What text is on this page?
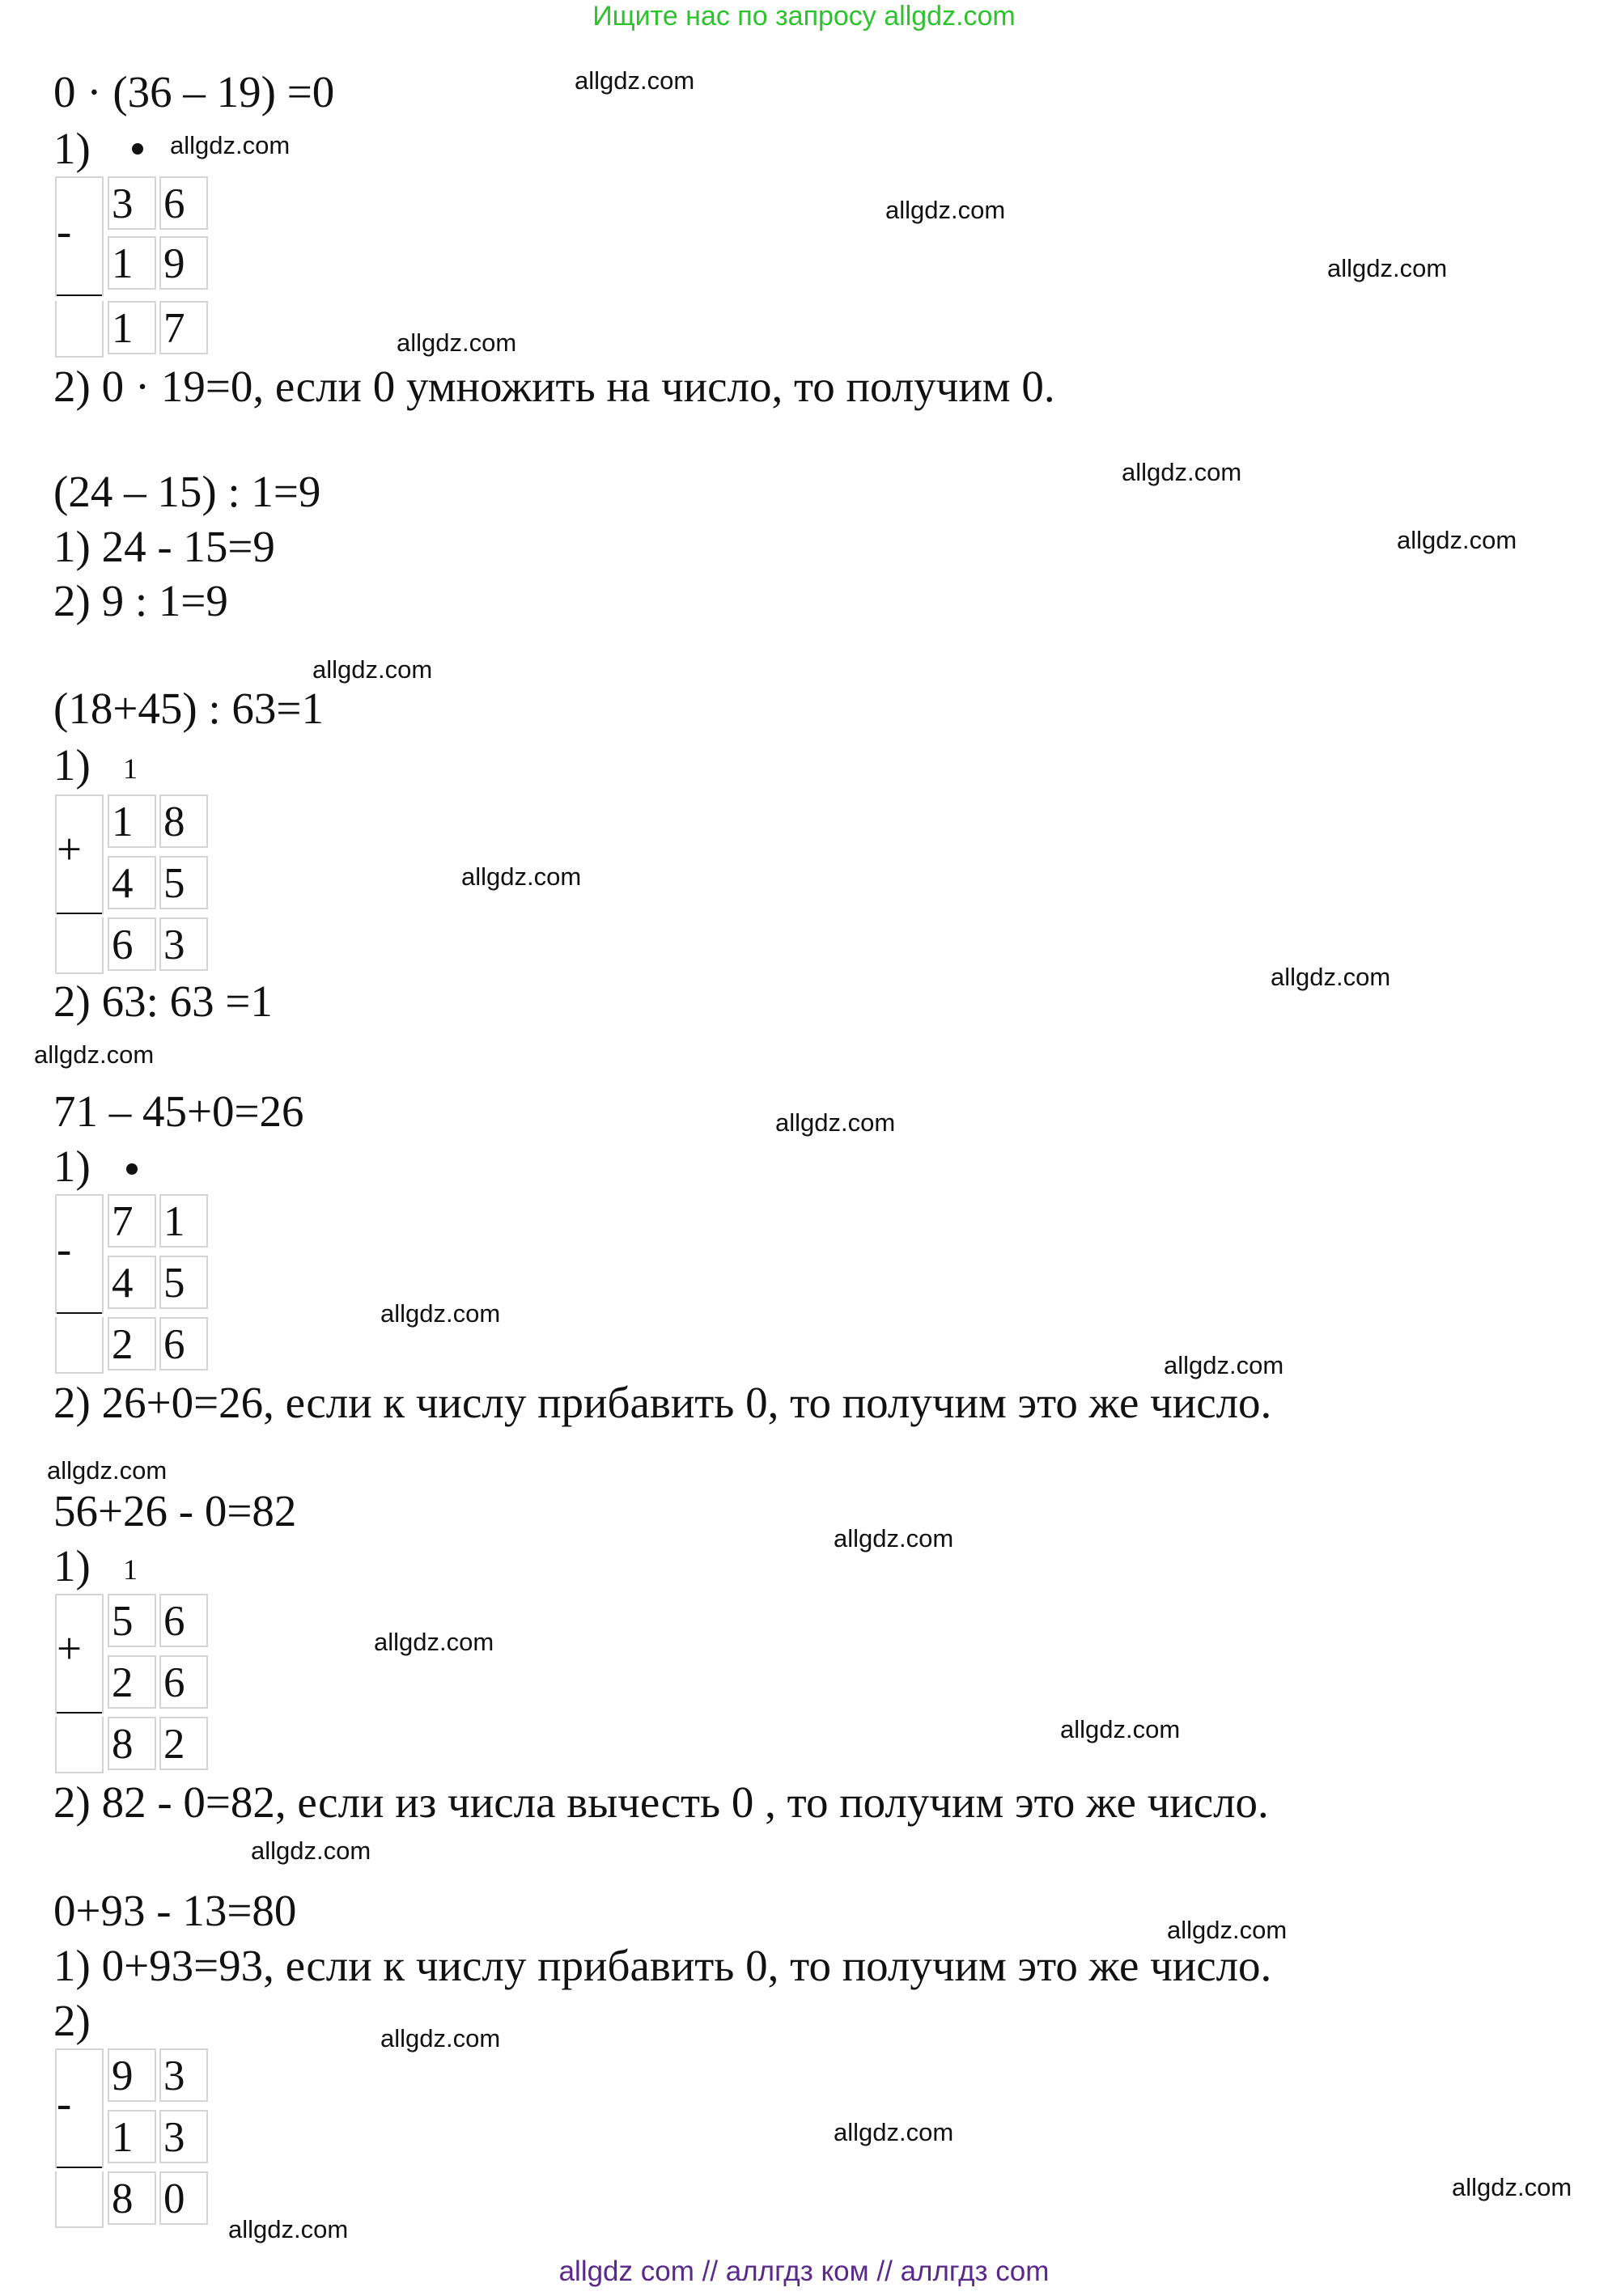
Ищите нас по запросу allgdz.com
0 · (36 – 19) =0
1)
-
3 6
1 9
1 7
2) 0 · 19=0, если 0 умножить на число, то получим 0.
(24 – 15) : 1=9
1) 24 - 15=9
2) 9 : 1=9
(18+45) : 63=1
1) 1
+
1 8
4 5
6 3
2) 63: 63 =1
71 – 45+0=26
1)
-
7 1
4 5
2 6
2) 26+0=26, если к числу прибавить 0, то получим это же число.
56+26 - 0=82
1) 1
+
5 6
2 6
8 2
2) 82 - 0=82, если из числа вычесть 0 , то получим это же число.
0+93 - 13=80
1) 0+93=93, если к числу прибавить 0, то получим это же число.
2)
-
9 3
1 3
8 0
allgdz.com
allgdz.com
allgdz.com
allgdz.com
allgdz.com
allgdz.com
allgdz.com
allgdz.com
allgdz.com
allgdz.com
allgdz.com
allgdz.com
allgdz.com
allgdz.com
allgdz.com
allgdz.com
allgdz.com
allgdz.com
allgdz.com
allgdz.com
allgdz.com
allgdz.com
allgdz.com
allgdz.com
allgdz com // аллгдз ком // аллгдз com
